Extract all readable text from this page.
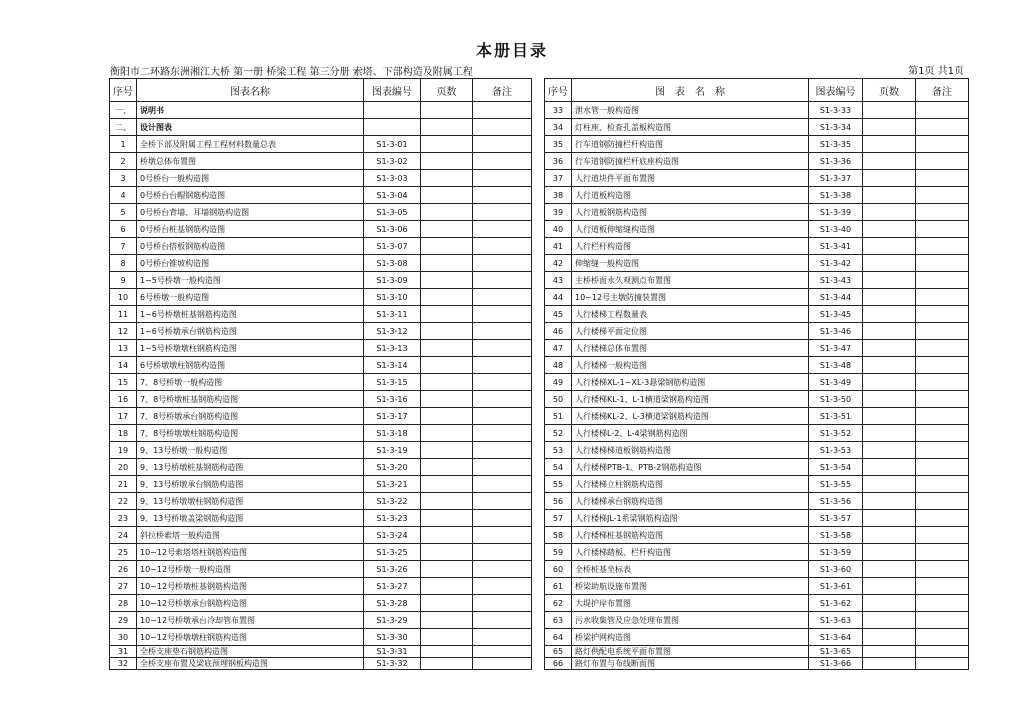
本册目录
衡阳市二环路东洲湘江大桥 第一册 桥梁工程 第三分册 索塔、下部构造及附属工程	第1页 共1页
序号	图表名称	图表编号	页数	备注
一、	说明书			
二、	设计图表			
1	全桥下部及附属工程工程材料数量总表	S1-3-01		
2	桥墩总体布置图	S1-3-02		
3	0号桥台一般构造图	S1-3-03		
4	0号桥台台帽钢筋构造图	S1-3-04		
5	0号桥台背墙、耳墙钢筋构造图	S1-3-05		
6	0号桥台桩基钢筋构造图	S1-3-06		
7	0号桥台搭板钢筋构造图	S1-3-07		
8	0号桥台锥坡构造图	S1-3-08		
9	1~5号桥墩一般构造图	S1-3-09		
10	6号桥墩一般构造图	S1-3-10		
11	1~6号桥墩桩基钢筋构造图	S1-3-11		
12	1~6号桥墩承台钢筋构造图	S1-3-12		
13	1~5号桥墩墩柱钢筋构造图	S1-3-13		
14	6号桥墩墩柱钢筋构造图	S1-3-14		
15	7、8号桥墩一般构造图	S1-3-15		
16	7、8号桥墩桩基钢筋构造图	S1-3-16		
17	7、8号桥墩承台钢筋构造图	S1-3-17		
18	7、8号桥墩墩柱钢筋构造图	S1-3-18		
19	9、13号桥墩一般构造图	S1-3-19		
20	9、13号桥墩桩基钢筋构造图	S1-3-20		
21	9、13号桥墩承台钢筋构造图	S1-3-21		
22	9、13号桥墩墩柱钢筋构造图	S1-3-22		
23	9、13号桥墩盖梁钢筋构造图	S1-3-23		
24	斜拉桥索塔一般构造图	S1-3-24		
25	10~12号索塔塔柱钢筋构造图	S1-3-25		
26	10~12号桥墩一般构造图	S1-3-26		
27	10~12号桥墩桩基钢筋构造图	S1-3-27		
28	10~12号桥墩承台钢筋构造图	S1-3-28		
29	10~12号桥墩承台冷却管布置图	S1-3-29		
30	10~12号桥墩墩柱钢筋构造图	S1-3-30		
31	全桥支座垫石钢筋构造图	S1-3-31		
32	全桥支座布置及梁底预埋钢板构造图	S1-3-32		
序号	图　表　名　称	图表编号	页数	备注
33	泄水管一般构造图	S1-3-33		
34	灯柱座、检查孔盖板构造图	S1-3-34		
35	行车道钢防撞栏杆构造图	S1-3-35		
36	行车道钢防撞栏杆底座构造图	S1-3-36		
37	人行道块件平面布置图	S1-3-37		
38	人行道板构造图	S1-3-38		
39	人行道板钢筋构造图	S1-3-39		
40	人行道板伸缩缝构造图	S1-3-40		
41	人行栏杆构造图	S1-3-41		
42	伸缩缝一般构造图	S1-3-42		
43	主桥桥面永久观测点布置图	S1-3-43		
44	10~12号主墩防撞装置图	S1-3-44		
45	人行楼梯工程数量表	S1-3-45		
46	人行楼梯平面定位图	S1-3-46		
47	人行楼梯总体布置图	S1-3-47		
48	人行楼梯一般构造图	S1-3-48		
49	人行楼梯XL-1~XL-3悬梁钢筋构造图	S1-3-49		
50	人行楼梯KL-1、L-1横道梁钢筋构造图	S1-3-50		
51	人行楼梯KL-2、L-3横道梁钢筋构造图	S1-3-51		
52	人行楼梯L-2、L-4梁钢筋构造图	S1-3-52		
53	人行楼梯梯道板钢筋构造图	S1-3-53		
54	人行楼梯PTB-1、PTB-2钢筋构造图	S1-3-54		
55	人行楼梯立柱钢筋构造图	S1-3-55		
56	人行楼梯承台钢筋构造图	S1-3-56		
57	人行楼梯JL-1系梁钢筋构造图	S1-3-57		
58	人行楼梯桩基钢筋构造图	S1-3-58		
59	人行楼梯踏板、栏杆构造图	S1-3-59		
60	全桥桩基坐标表	S1-3-60		
61	桥梁助航设施布置图	S1-3-61		
62	大堤护岸布置图	S1-3-62		
63	污水收集管及应急处理布置图	S1-3-63		
64	桥梁护网构造图	S1-3-64		
65	路灯供配电系统平面布置图	S1-3-65		
66	路灯布置与布线断面图	S1-3-66		
